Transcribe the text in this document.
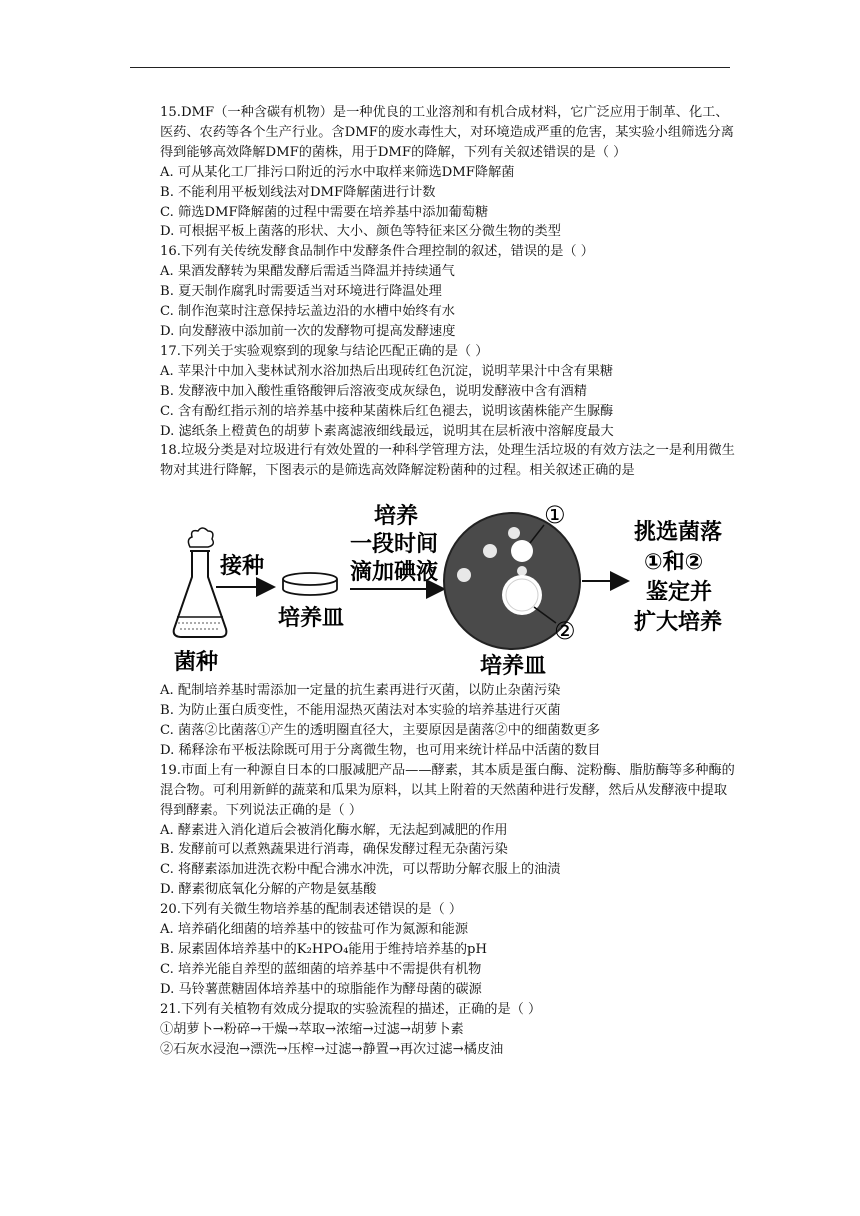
15.DMF（一种含碳有机物）是一种优良的工业溶剂和有机合成材料，它广泛应用于制革、化工、医药、农药等各个生产行业。含DMF的废水毒性大，对环境造成严重的危害，某实验小组筛选分离得到能够高效降解DMF的菌株，用于DMF的降解，下列有关叙述错误的是（ ）
A. 可从某化工厂排污口附近的污水中取样来筛选DMF降解菌
B. 不能利用平板划线法对DMF降解菌进行计数
C. 筛选DMF降解菌的过程中需要在培养基中添加葡萄糖
D. 可根据平板上菌落的形状、大小、颜色等特征来区分微生物的类型
16.下列有关传统发酵食品制作中发酵条件合理控制的叙述，错误的是（ ）
A. 果酒发酵转为果醋发酵后需适当降温并持续通气
B. 夏天制作腐乳时需要适当对环境进行降温处理
C. 制作泡菜时注意保持坛盖边沿的水槽中始终有水
D. 向发酵液中添加前一次的发酵物可提高发酵速度
17.下列关于实验观察到的现象与结论匹配正确的是（ ）
A. 苹果汁中加入斐林试剂水浴加热后出现砖红色沉淀，说明苹果汁中含有果糖
B. 发酵液中加入酸性重铬酸钾后溶液变成灰绿色，说明发酵液中含有酒精
C. 含有酚红指示剂的培养基中接种某菌株后红色褪去，说明该菌株能产生脲酶
D. 滤纸条上橙黄色的胡萝卜素离滤液细线最远，说明其在层析液中溶解度最大
18.垃圾分类是对垃圾进行有效处置的一种科学管理方法，处理生活垃圾的有效方法之一是利用微生物对其进行降解，下图表示的是筛选高效降解淀粉菌种的过程。相关叙述正确的是
菌种
接种
培养皿
培养
一段时间
滴加碘液
①
②
培养皿
挑选菌落
①和②
鉴定并
扩大培养
A. 配制培养基时需添加一定量的抗生素再进行灭菌，以防止杂菌污染
B. 为防止蛋白质变性，不能用湿热灭菌法对本实验的培养基进行灭菌
C. 菌落②比菌落①产生的透明圈直径大，主要原因是菌落②中的细菌数更多
D. 稀释涂布平板法除既可用于分离微生物，也可用来统计样品中活菌的数目
19.市面上有一种源自日本的口服减肥产品——酵素，其本质是蛋白酶、淀粉酶、脂肪酶等多种酶的混合物。可利用新鲜的蔬菜和瓜果为原料，以其上附着的天然菌种进行发酵，然后从发酵液中提取得到酵素。下列说法正确的是（ ）
A. 酵素进入消化道后会被消化酶水解，无法起到减肥的作用
B. 发酵前可以煮熟蔬果进行消毒，确保发酵过程无杂菌污染
C. 将酵素添加进洗衣粉中配合沸水冲洗，可以帮助分解衣服上的油渍
D. 酵素彻底氧化分解的产物是氨基酸
20.下列有关微生物培养基的配制表述错误的是（ ）
A. 培养硝化细菌的培养基中的铵盐可作为氮源和能源
B. 尿素固体培养基中的K₂HPO₄能用于维持培养基的pH
C. 培养光能自养型的蓝细菌的培养基中不需提供有机物
D. 马铃薯蔗糖固体培养基中的琼脂能作为酵母菌的碳源
21.下列有关植物有效成分提取的实验流程的描述，正确的是（ ）
①胡萝卜→粉碎→干燥→萃取→浓缩→过滤→胡萝卜素
②石灰水浸泡→漂洗→压榨→过滤→静置→再次过滤→橘皮油
